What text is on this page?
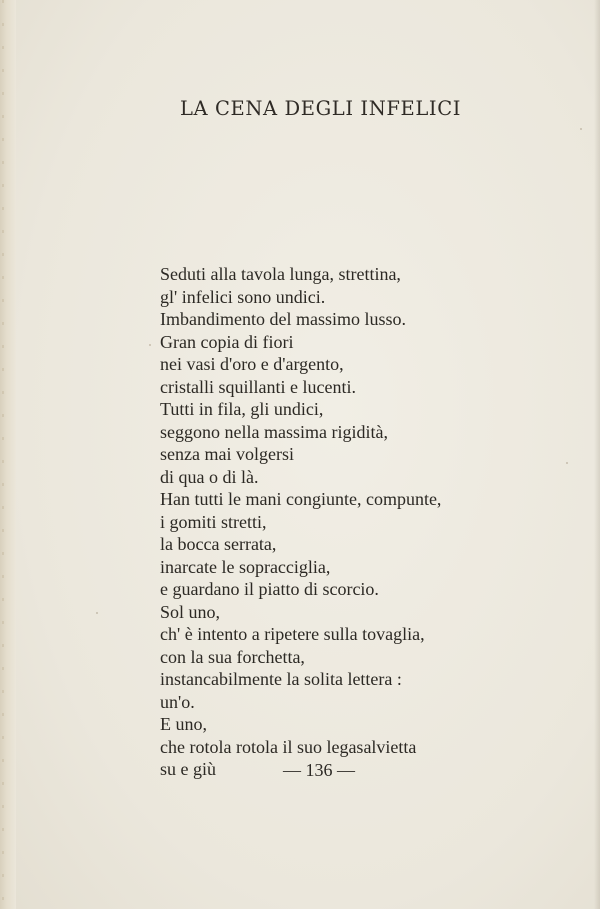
LA CENA DEGLI INFELICI
Seduti alla tavola lunga, strettina,
gl' infelici sono undici.
Imbandimento del massimo lusso.
Gran copia di fiori
nei vasi d'oro e d'argento,
cristalli squillanti e lucenti.
Tutti in fila, gli undici,
seggono nella massima rigidità,
senza mai volgersi
di qua o di là.
Han tutti le mani congiunte, compunte,
i gomiti stretti,
la bocca serrata,
inarcate le sopracciglia,
e guardano il piatto di scorcio.
Sol uno,
ch' è intento a ripetere sulla tovaglia,
con la sua forchetta,
instancabilmente la solita lettera :
un'o.
E uno,
che rotola rotola il suo legasalvietta
su e giù	— 136 —
